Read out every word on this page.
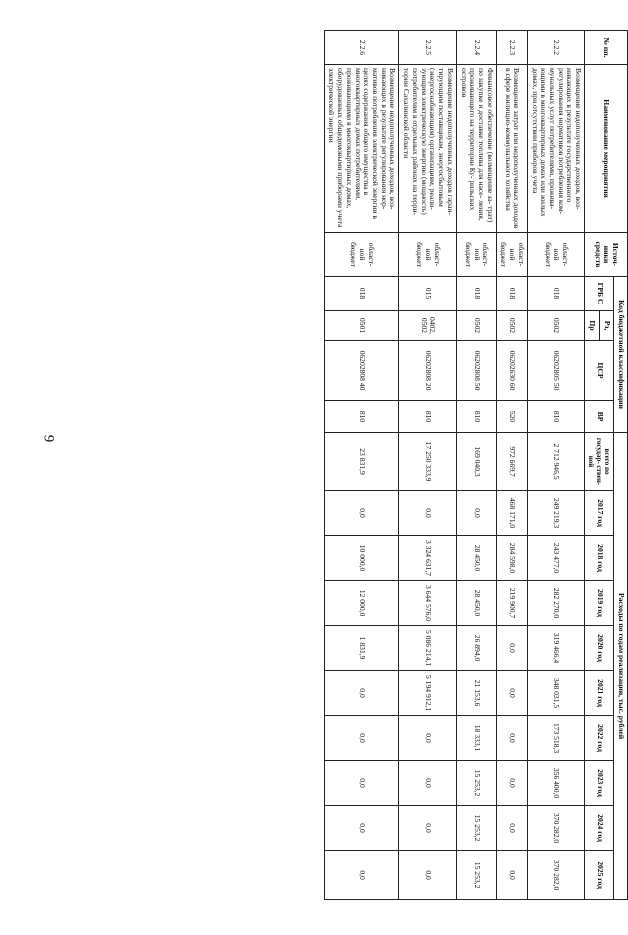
9
№ пп.	Наименование мероприятия	Источ- ники средств	Код бюджетной классификации				Расходы по годам реализации, тыс. рублей									
			ГРБ С	Рз,	ЦСР	ВР	всего по государ- ствен- ной	2017 год	2018 год	2019 год	2020 год	2021 год	2022 год	2023 год	2024 год	2025 год
				Пр												
2.2.2	Возмещение недополученных доходов, воз- никающих в результате государственного регулирования нормативов потребления ком- мунальных услуг потребителями, прожива- ющими в многоквартирных домах или жилых домах, при отсутствии приборов учета	област- ной бюджет	018	0502	06202805 50	810	2 712 946,5	249 219,3	243 477,0	282 270,0	319 466,4	348 031,5	173 518,3	356 400,0	370 282,0	370 282,0
2.2.3	Возмещение затрат или недополученных доходов в сфере жилищно-коммунального хозяйства	област- ной бюджет	018	0502	06202630 60	520	972 669,7	468 171,0	284 598,0	219 900,7	0,0	0,0	0,0	0,0	0,0	0,0
2.2.4	Финансовое обеспечение (возмещение за- трат) по закупке и доставке топлива для насе- ления, проживающего на территории Ку- рильских островов	област- ной бюджет	018	0502	06202808 50	810	169 040,3	0,0	28 450,0	28 450,0	26 894,0	21 153,6	18 333,1	15 253,2	15 253,2	15 253,2
2.2.5	Возмещение недополученных доходов гаран- тирующим поставщикам, энергосбытовым (энергоснабжающим) организациям, реали- зующим электрическую энергию (мощность) потребителям в отдельных районах на терри- тории Сахалинской области	област- ной бюджет	015	0402, 0502	06202808 20	810	17 250 333,9	0,0	3 324 631,7	3 644 576,0	5 086 214,1	5 194 912,1	0,0	0,0	0,0	0,0
2.2.6	Возмещение недополученных доходов, воз- никающих в результате регулирования нор- мативов потребления электрической энергии в целях содержания общего имущества в многоквартирных домах потребителями, проживающими в многоквартирных домах, оборудованных общедомовыми приборами учета электрической энергии	област- ной бюджет	018	0501	06202808 40	810	23 831,9	0,0	10 000,0	12 000,0	1 831,9	0,0	0,0	0,0	0,0	0,0
